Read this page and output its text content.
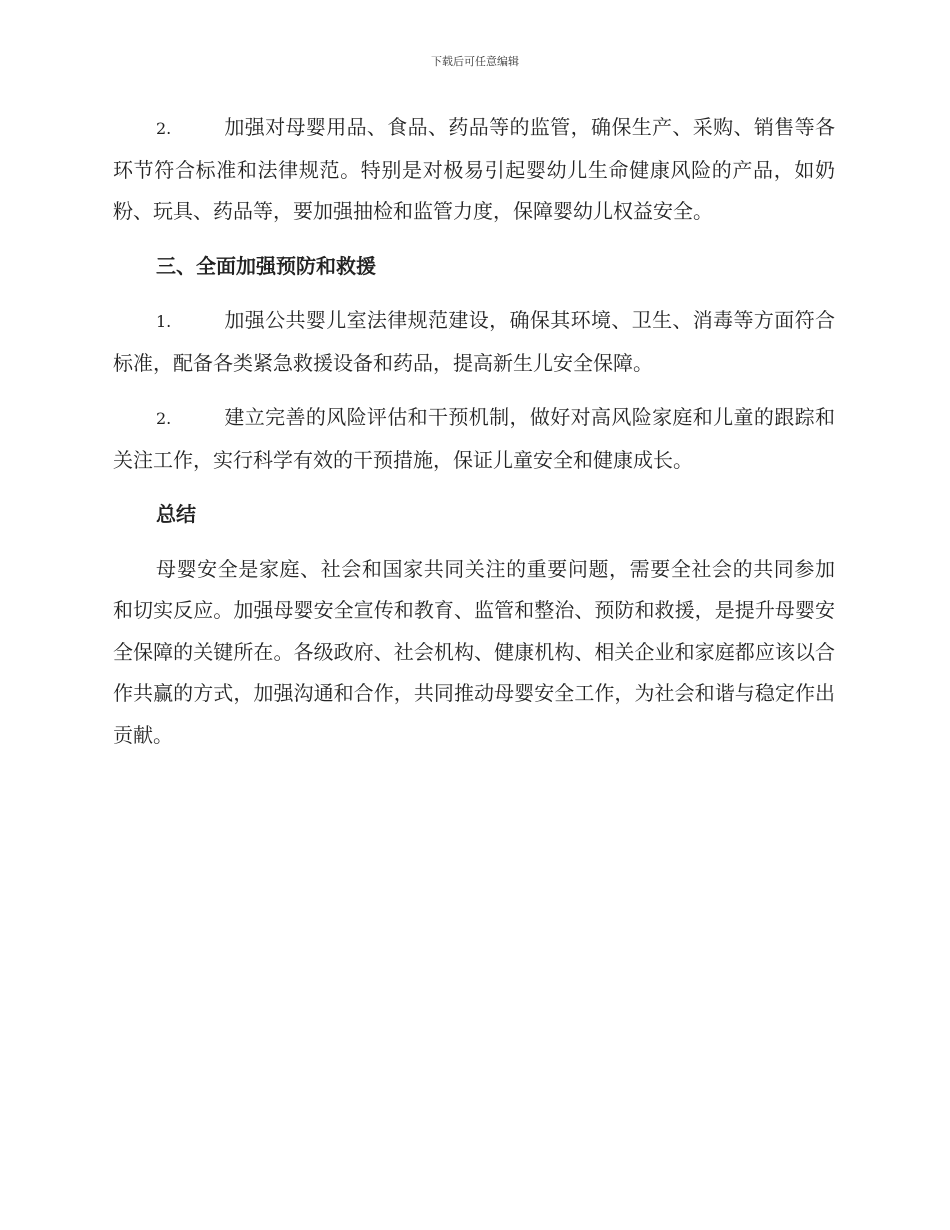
下载后可任意编辑

2.	加强对母婴用品、食品、药品等的监管，确保生产、采购、销售等各环节符合标准和法律规范。特别是对极易引起婴幼儿生命健康风险的产品，如奶粉、玩具、药品等，要加强抽检和监管力度，保障婴幼儿权益安全。

三、全面加强预防和救援

1.	加强公共婴儿室法律规范建设，确保其环境、卫生、消毒等方面符合标准，配备各类紧急救援设备和药品，提高新生儿安全保障。

2.	建立完善的风险评估和干预机制，做好对高风险家庭和儿童的跟踪和关注工作，实行科学有效的干预措施，保证儿童安全和健康成长。

总结

母婴安全是家庭、社会和国家共同关注的重要问题，需要全社会的共同参加和切实反应。加强母婴安全宣传和教育、监管和整治、预防和救援，是提升母婴安全保障的关键所在。各级政府、社会机构、健康机构、相关企业和家庭都应该以合作共赢的方式，加强沟通和合作，共同推动母婴安全工作，为社会和谐与稳定作出贡献。
